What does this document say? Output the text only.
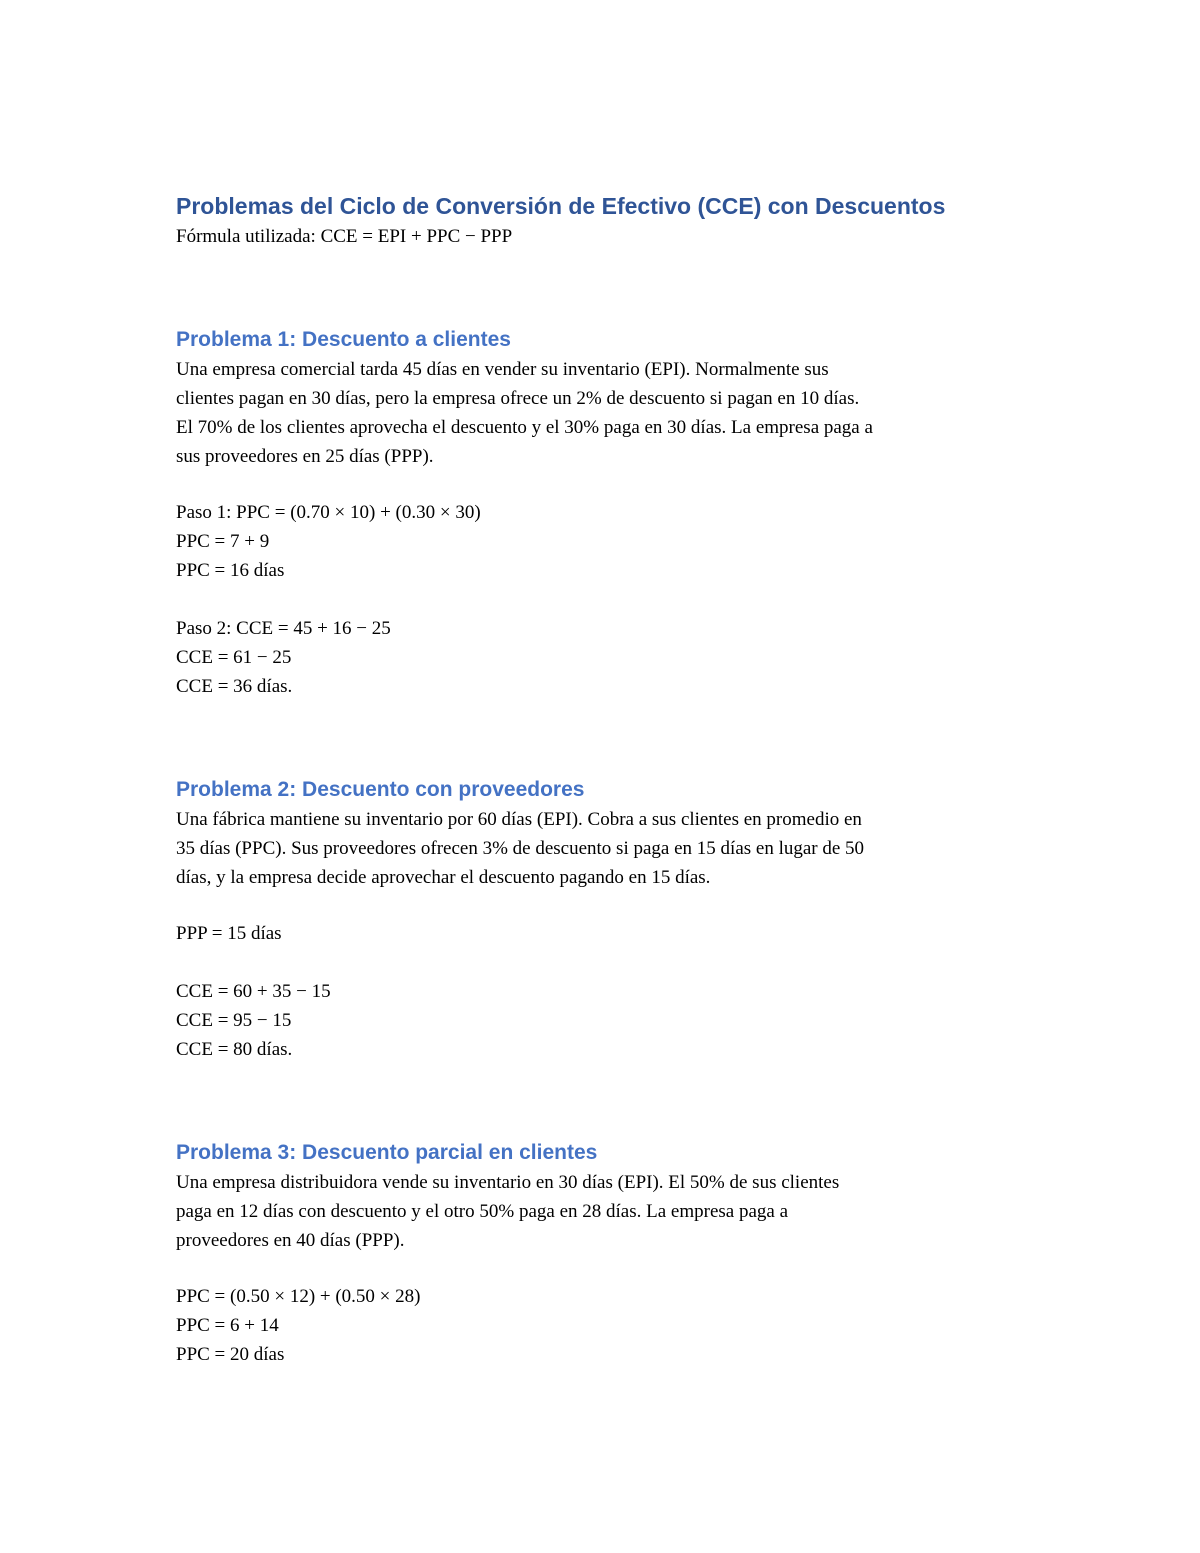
Problemas del Ciclo de Conversión de Efectivo (CCE) con Descuentos
Fórmula utilizada: CCE = EPI + PPC − PPP
Problema 1: Descuento a clientes
Una empresa comercial tarda 45 días en vender su inventario (EPI). Normalmente sus
clientes pagan en 30 días, pero la empresa ofrece un 2% de descuento si pagan en 10 días.
El 70% de los clientes aprovecha el descuento y el 30% paga en 30 días. La empresa paga a
sus proveedores en 25 días (PPP).
Paso 1: PPC = (0.70 × 10) + (0.30 × 30)
PPC = 7 + 9
PPC = 16 días
Paso 2: CCE = 45 + 16 − 25
CCE = 61 − 25
CCE = 36 días.
Problema 2: Descuento con proveedores
Una fábrica mantiene su inventario por 60 días (EPI). Cobra a sus clientes en promedio en
35 días (PPC). Sus proveedores ofrecen 3% de descuento si paga en 15 días en lugar de 50
días, y la empresa decide aprovechar el descuento pagando en 15 días.
PPP = 15 días
CCE = 60 + 35 − 15
CCE = 95 − 15
CCE = 80 días.
Problema 3: Descuento parcial en clientes
Una empresa distribuidora vende su inventario en 30 días (EPI). El 50% de sus clientes
paga en 12 días con descuento y el otro 50% paga en 28 días. La empresa paga a
proveedores en 40 días (PPP).
PPC = (0.50 × 12) + (0.50 × 28)
PPC = 6 + 14
PPC = 20 días
